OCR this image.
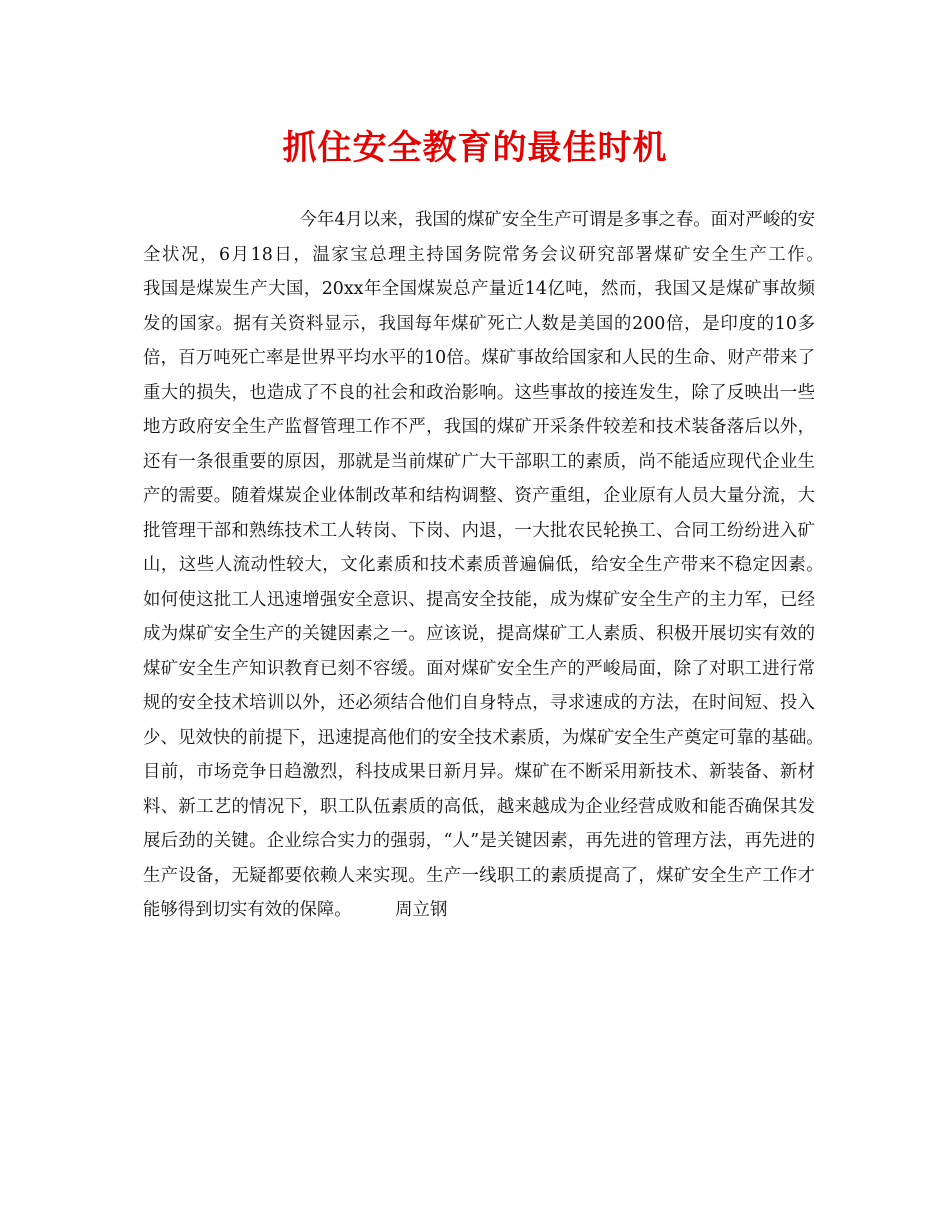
抓住安全教育的最佳时机

　　　　　　　　　今年4月以来，我国的煤矿安全生产可谓是多事之春。面对严峻的安全状况，6月18日，温家宝总理主持国务院常务会议研究部署煤矿安全生产工作。　　　我国是煤炭生产大国，20xx年全国煤炭总产量近14亿吨，然而，我国又是煤矿事故频发的国家。据有关资料显示，我国每年煤矿死亡人数是美国的200倍，是印度的10多倍，百万吨死亡率是世界平均水平的10倍。煤矿事故给国家和人民的生命、财产带来了重大的损失，也造成了不良的社会和政治影响。这些事故的接连发生，除了反映出一些地方政府安全生产监督管理工作不严，我国的煤矿开采条件较差和技术装备落后以外，还有一条很重要的原因，那就是当前煤矿广大干部职工的素质，尚不能适应现代企业生产的需要。随着煤炭企业体制改革和结构调整、资产重组，企业原有人员大量分流，大批管理干部和熟练技术工人转岗、下岗、内退，一大批农民轮换工、合同工纷纷进入矿山，这些人流动性较大，文化素质和技术素质普遍偏低，给安全生产带来不稳定因素。　　　如何使这批工人迅速增强安全意识、提高安全技能，成为煤矿安全生产的主力军，已经成为煤矿安全生产的关键因素之一。应该说，提高煤矿工人素质、积极开展切实有效的煤矿安全生产知识教育已刻不容缓。面对煤矿安全生产的严峻局面，除了对职工进行常规的安全技术培训以外，还必须结合他们自身特点，寻求速成的方法，在时间短、投入少、见效快的前提下，迅速提高他们的安全技术素质，为煤矿安全生产奠定可靠的基础。　　　目前，市场竞争日趋激烈，科技成果日新月异。煤矿在不断采用新技术、新装备、新材料、新工艺的情况下，职工队伍素质的高低，越来越成为企业经营成败和能否确保其发展后劲的关键。企业综合实力的强弱，“人”是关键因素，再先进的管理方法，再先进的生产设备，无疑都要依赖人来实现。生产一线职工的素质提高了，煤矿安全生产工作才能够得到切实有效的保障。　　　周立钢
